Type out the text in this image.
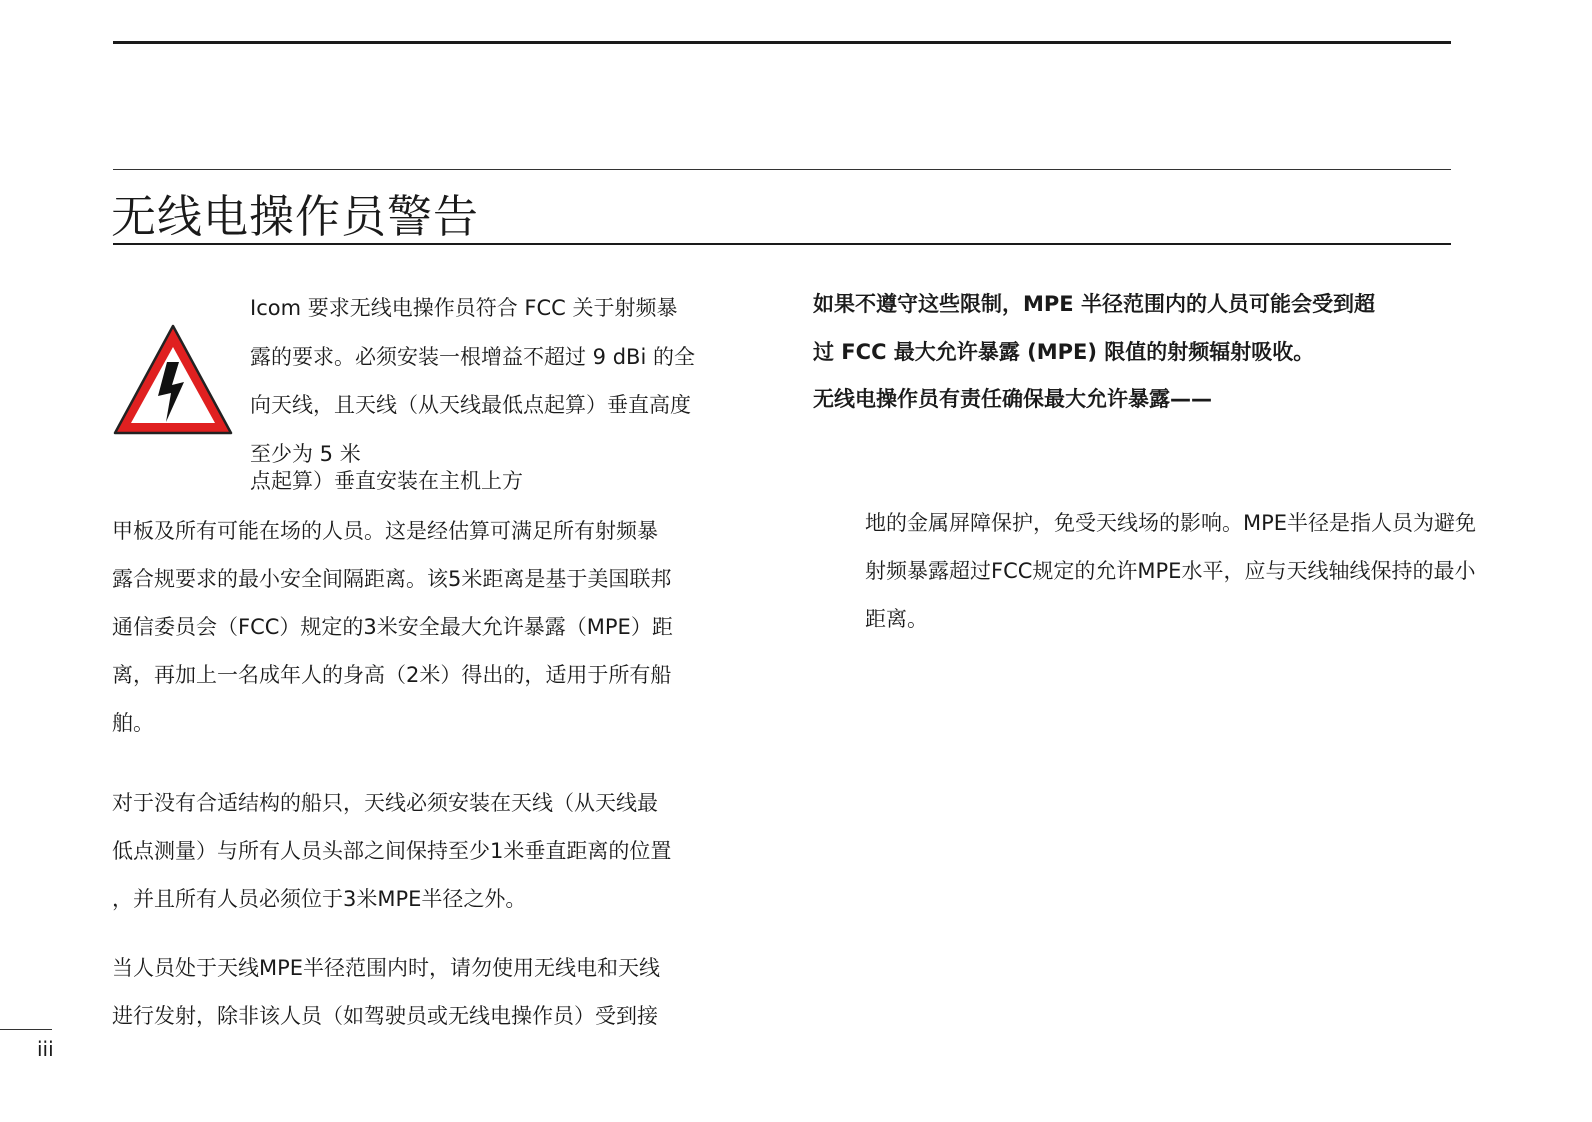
无线电操作员警告
Icom 要求无线电操作员符合 FCC 关于射频暴
露的要求。必须安装一根增益不超过 9 dBi 的全
向天线，且天线（从天线最低点起算）垂直高度
至少为 5 米
点起算）垂直安装在主机上方
甲板及所有可能在场的人员。这是经估算可满足所有射频暴
露合规要求的最小安全间隔距离。该5米距离是基于美国联邦
通信委员会（FCC）规定的3米安全最大允许暴露（MPE）距
离，再加上一名成年人的身高（2米）得出的，适用于所有船
舶。
对于没有合适结构的船只，天线必须安装在天线（从天线最
低点测量）与所有人员头部之间保持至少1米垂直距离的位置
，并且所有人员必须位于3米MPE半径之外。
当人员处于天线MPE半径范围内时，请勿使用无线电和天线
进行发射，除非该人员（如驾驶员或无线电操作员）受到接
如果不遵守这些限制，MPE 半径范围内的人员可能会受到超
过 FCC 最大允许暴露 (MPE) 限值的射频辐射吸收。
无线电操作员有责任确保最大允许暴露——
地的金属屏障保护，免受天线场的影响。MPE半径是指人员为避免
射频暴露超过FCC规定的允许MPE水平，应与天线轴线保持的最小
距离。
iii
